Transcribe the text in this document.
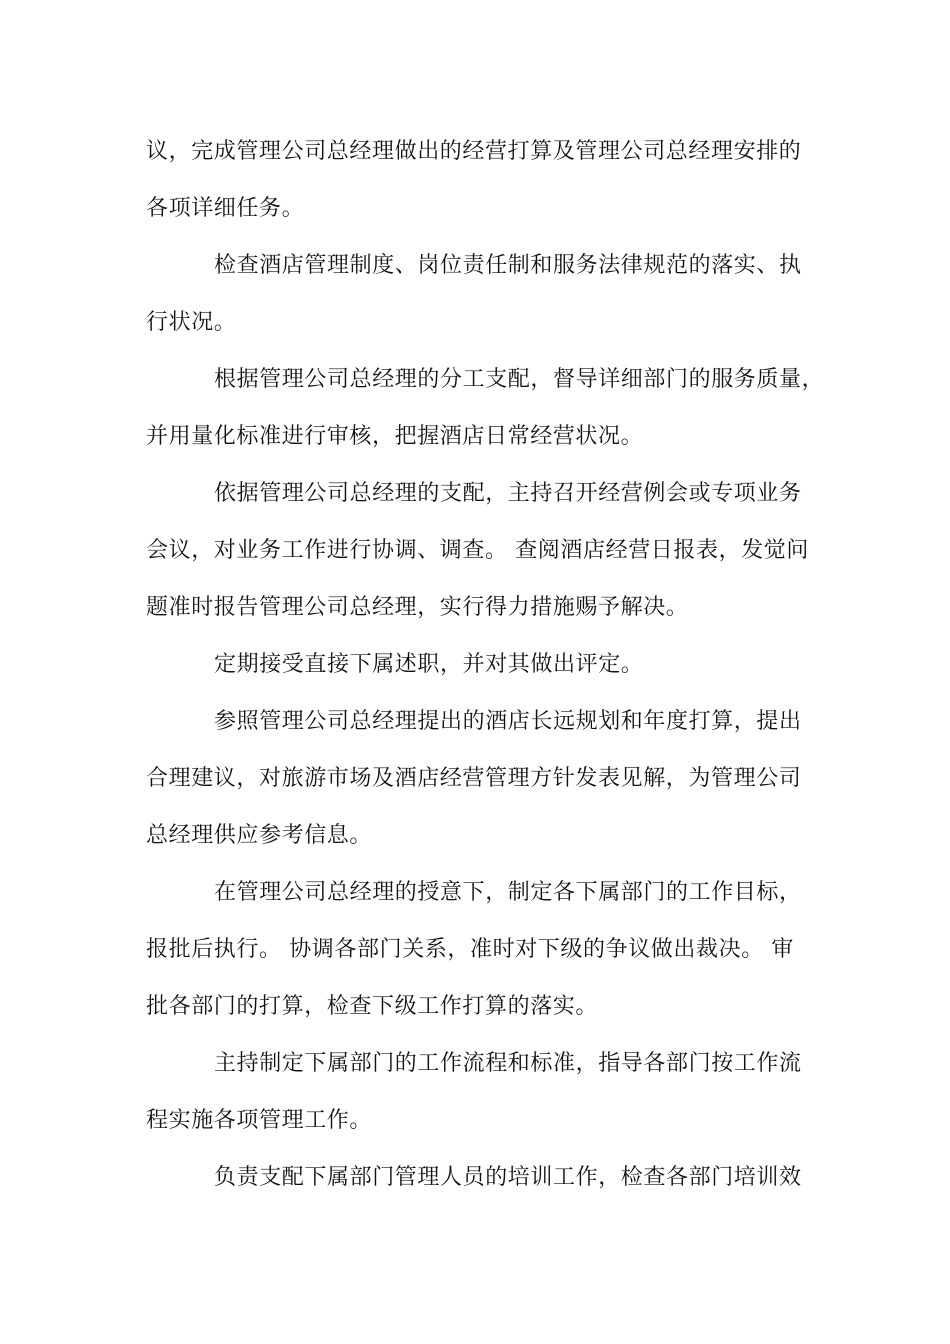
议，完成管理公司总经理做出的经营打算及管理公司总经理安排的
各项详细任务。
检查酒店管理制度、岗位责任制和服务法律规范的落实、执
行状况。
根据管理公司总经理的分工支配，督导详细部门的服务质量，
并用量化标准进行审核，把握酒店日常经营状况。
依据管理公司总经理的支配，主持召开经营例会或专项业务
会议，对业务工作进行协调、调查。 查阅酒店经营日报表，发觉问
题准时报告管理公司总经理，实行得力措施赐予解决。
定期接受直接下属述职，并对其做出评定。
参照管理公司总经理提出的酒店长远规划和年度打算，提出
合理建议，对旅游市场及酒店经营管理方针发表见解，为管理公司
总经理供应参考信息。
在管理公司总经理的授意下，制定各下属部门的工作目标，
报批后执行。 协调各部门关系，准时对下级的争议做出裁决。 审
批各部门的打算，检查下级工作打算的落实。
主持制定下属部门的工作流程和标准，指导各部门按工作流
程实施各项管理工作。
负责支配下属部门管理人员的培训工作，检查各部门培训效
